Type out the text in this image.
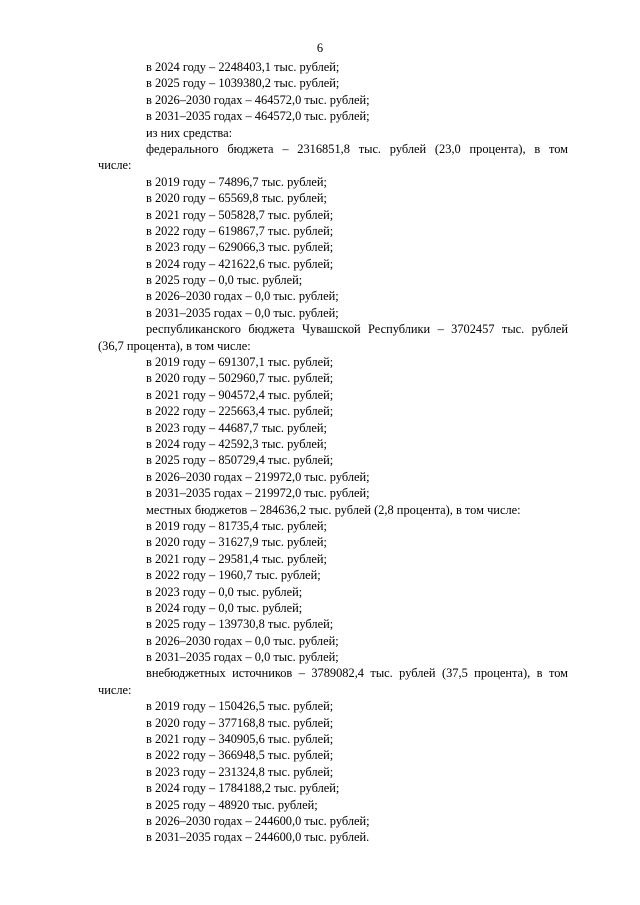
6
в 2024 году – 2248403,1 тыс. рублей;
в 2025 году – 1039380,2 тыс. рублей;
в 2026–2030 годах – 464572,0 тыс. рублей;
в 2031–2035 годах – 464572,0 тыс. рублей;
из них средства:
федерального бюджета – 2316851,8 тыс. рублей (23,0 процента), в том
числе:
в 2019 году – 74896,7 тыс. рублей;
в 2020 году – 65569,8 тыс. рублей;
в 2021 году – 505828,7 тыс. рублей;
в 2022 году – 619867,7 тыс. рублей;
в 2023 году – 629066,3 тыс. рублей;
в 2024 году – 421622,6 тыс. рублей;
в 2025 году – 0,0 тыс. рублей;
в 2026–2030 годах – 0,0 тыс. рублей;
в 2031–2035 годах – 0,0 тыс. рублей;
республиканского бюджета Чувашской Республики – 3702457 тыс. рублей
(36,7 процента), в том числе:
в 2019 году – 691307,1 тыс. рублей;
в 2020 году – 502960,7 тыс. рублей;
в 2021 году – 904572,4 тыс. рублей;
в 2022 году – 225663,4 тыс. рублей;
в 2023 году – 44687,7 тыс. рублей;
в 2024 году – 42592,3 тыс. рублей;
в 2025 году – 850729,4 тыс. рублей;
в 2026–2030 годах – 219972,0 тыс. рублей;
в 2031–2035 годах – 219972,0 тыс. рублей;
местных бюджетов – 284636,2 тыс. рублей (2,8 процента), в том числе:
в 2019 году – 81735,4 тыс. рублей;
в 2020 году – 31627,9 тыс. рублей;
в 2021 году – 29581,4 тыс. рублей;
в 2022 году – 1960,7 тыс. рублей;
в 2023 году – 0,0 тыс. рублей;
в 2024 году – 0,0 тыс. рублей;
в 2025 году – 139730,8 тыс. рублей;
в 2026–2030 годах – 0,0 тыс. рублей;
в 2031–2035 годах – 0,0 тыс. рублей;
внебюджетных источников – 3789082,4 тыс. рублей (37,5 процента), в том
числе:
в 2019 году – 150426,5 тыс. рублей;
в 2020 году – 377168,8 тыс. рублей;
в 2021 году – 340905,6 тыс. рублей;
в 2022 году – 366948,5 тыс. рублей;
в 2023 году – 231324,8 тыс. рублей;
в 2024 году – 1784188,2 тыс. рублей;
в 2025 году – 48920 тыс. рублей;
в 2026–2030 годах – 244600,0 тыс. рублей;
в 2031–2035 годах – 244600,0 тыс. рублей.
